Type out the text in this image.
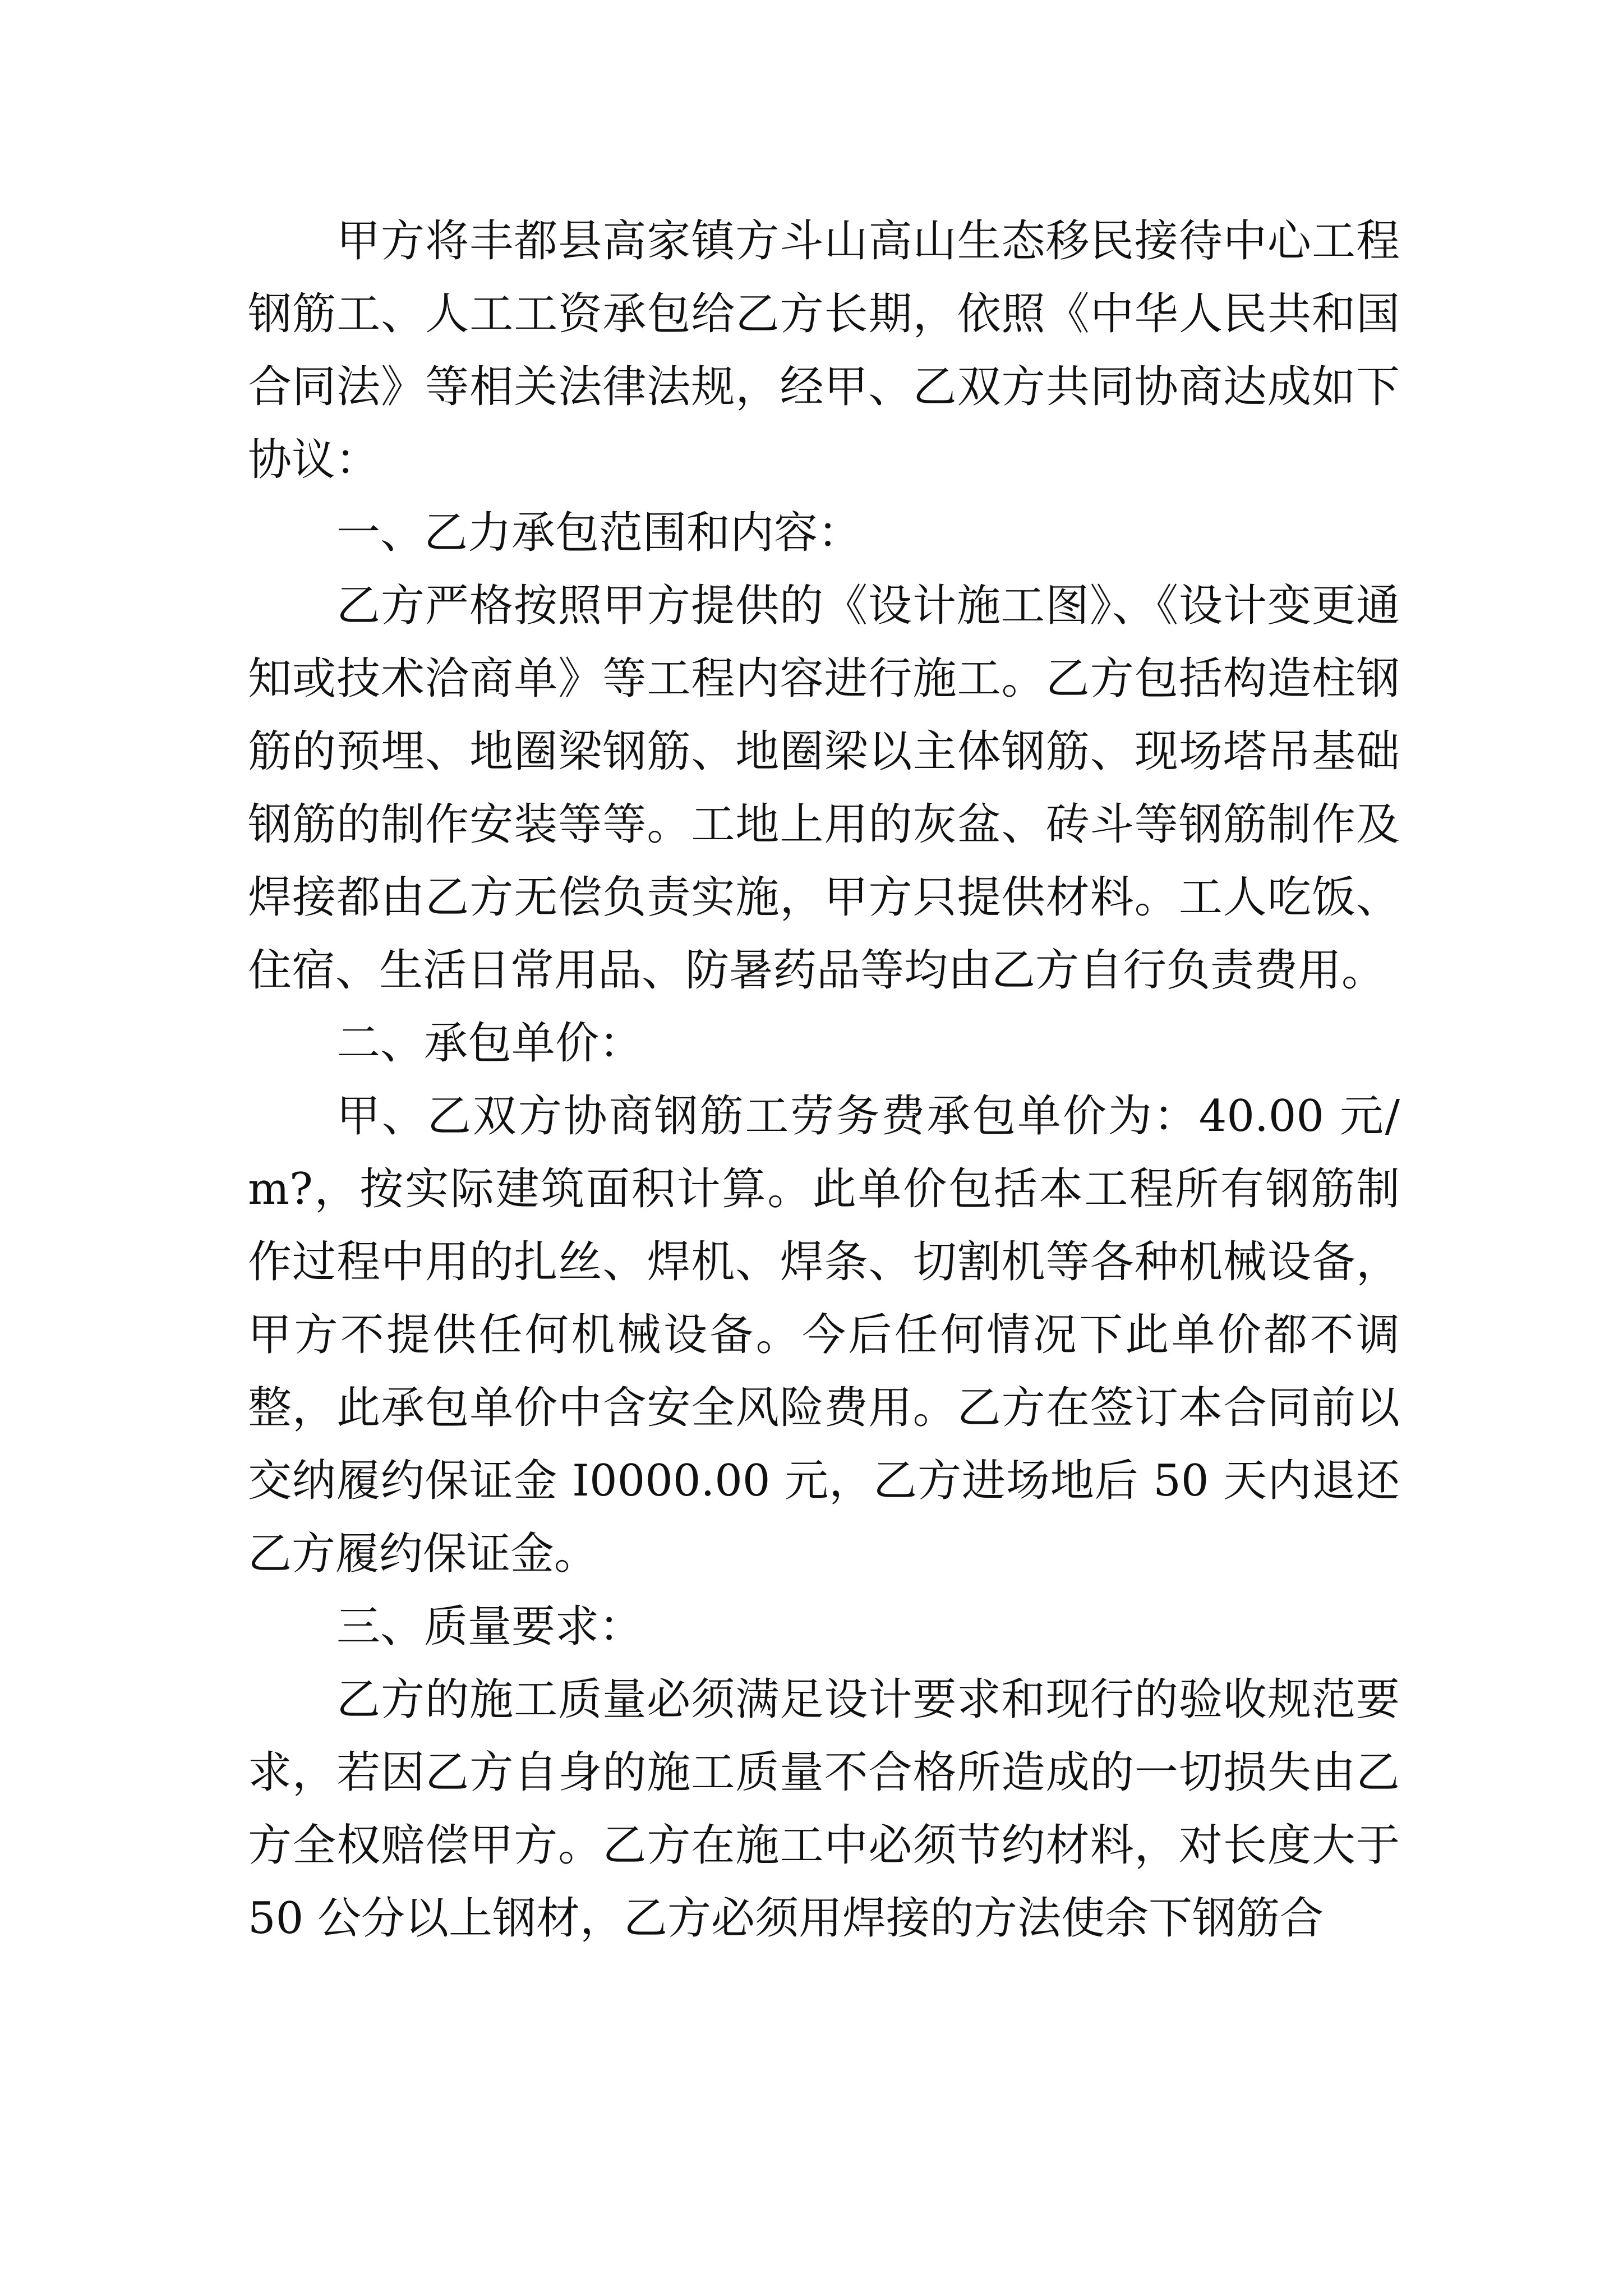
甲方将丰都县高家镇方斗山高山生态移民接待中心工程钢筋工、人工工资承包给乙方长期，依照《中华人民共和国合同法》等相关法律法规，经甲、乙双方共同协商达成如下协议：

一、乙力承包范围和内容：

乙方严格按照甲方提供的《设计施工图》、《设计变更通知或技术洽商单》等工程内容进行施工。乙方包括构造柱钢筋的预埋、地圈梁钢筋、地圈梁以主体钢筋、现场塔吊基础钢筋的制作安装等等。工地上用的灰盆、砖斗等钢筋制作及焊接都由乙方无偿负责实施，甲方只提供材料。工人吃饭、住宿、生活日常用品、防暑药品等均由乙方自行负责费用。

二、承包单价：

甲、乙双方协商钢筋工劳务费承包单价为：40.00 元/m?，按实际建筑面积计算。此单价包括本工程所有钢筋制作过程中用的扎丝、焊机、焊条、切割机等各种机械设备，甲方不提供任何机械设备。今后任何情况下此单价都不调整，此承包单价中含安全风险费用。乙方在签订本合同前以交纳履约保证金 I0000.00 元，乙方进场地后 50 天内退还乙方履约保证金。

三、质量要求：

乙方的施工质量必须满足设计要求和现行的验收规范要求，若因乙方自身的施工质量不合格所造成的一切损失由乙方全权赔偿甲方。乙方在施工中必须节约材料，对长度大于 50 公分以上钢材，乙方必须用焊接的方法使余下钢筋合
